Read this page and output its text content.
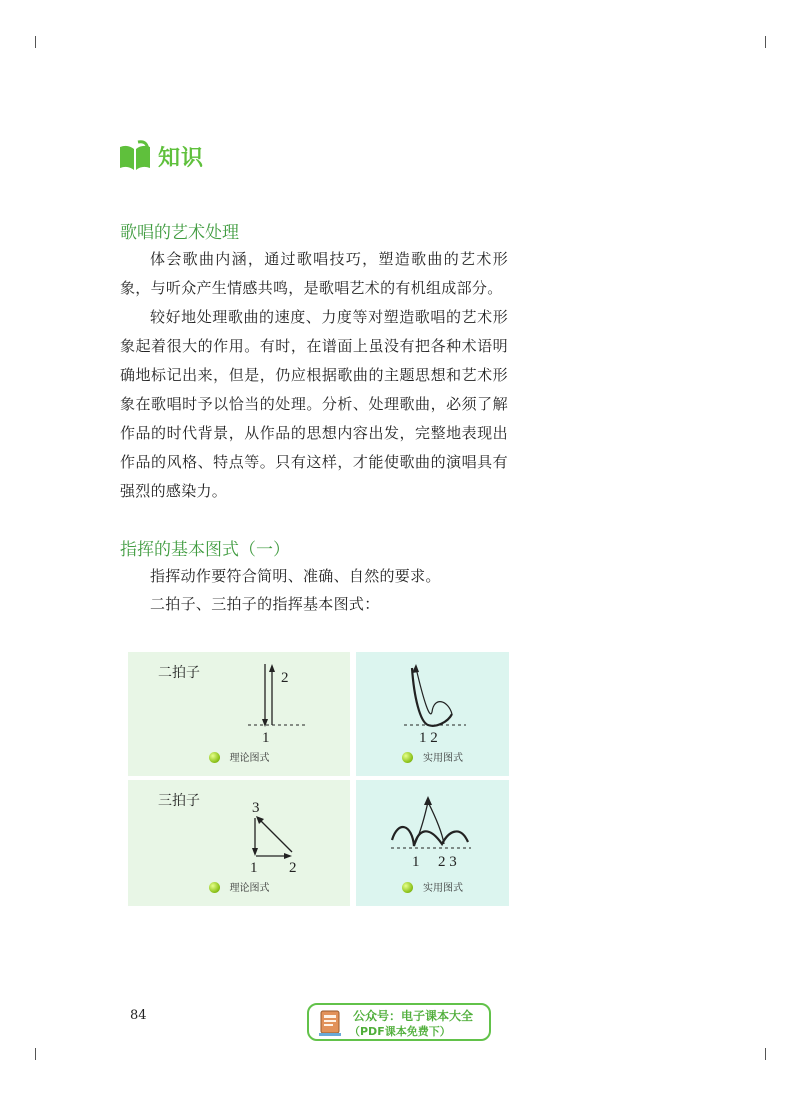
知识
歌唱的艺术处理

体会歌曲内涵，通过歌唱技巧，塑造歌曲的艺术形象，与听众产生情感共鸣，是歌唱艺术的有机组成部分。

较好地处理歌曲的速度、力度等对塑造歌唱的艺术形象起着很大的作用。有时，在谱面上虽没有把各种术语明确地标记出来，但是，仍应根据歌曲的主题思想和艺术形象在歌唱时予以恰当的处理。分析、处理歌曲，必须了解作品的时代背景，从作品的思想内容出发，完整地表现出作品的风格、特点等。只有这样，才能使歌曲的演唱具有强烈的感染力。

指挥的基本图式（一）

指挥动作要符合简明、准确、自然的要求。

二拍子、三拍子的指挥基本图式：

二拍子
1
2
理论图式
1 2
实用图式
三拍子	3
1 2
理论图式
1 2 3
实用图式
84	公众号：电子课本大全
（PDF课本免费下）
